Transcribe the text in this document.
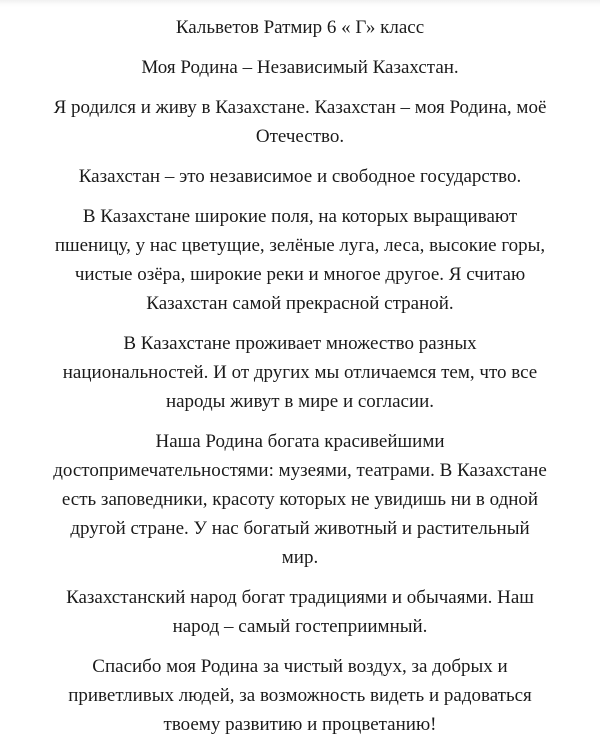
Кальветов Ратмир 6 « Г» класс

Моя Родина – Независимый Казахстан.

Я родился и живу в Казахстане. Казахстан – моя Родина, моё Отечество.

Казахстан – это независимое и свободное государство.

В Казахстане широкие поля, на которых выращивают пшеницу, у нас цветущие, зелёные луга, леса, высокие горы, чистые озёра, широкие реки и многое другое. Я считаю Казахстан самой прекрасной страной.

В Казахстане проживает множество разных национальностей. И от других мы отличаемся тем, что все народы живут в мире и согласии.

Наша Родина богата красивейшими достопримечательностями: музеями, театрами. В Казахстане есть заповедники, красоту которых не увидишь ни в одной другой стране. У нас богатый животный и растительный мир.

Казахстанский народ богат традициями и обычаями. Наш народ – самый гостеприимный.

Спасибо моя Родина за чистый воздух, за добрых и приветливых людей, за возможность видеть и радоваться твоему развитию и процветанию!
